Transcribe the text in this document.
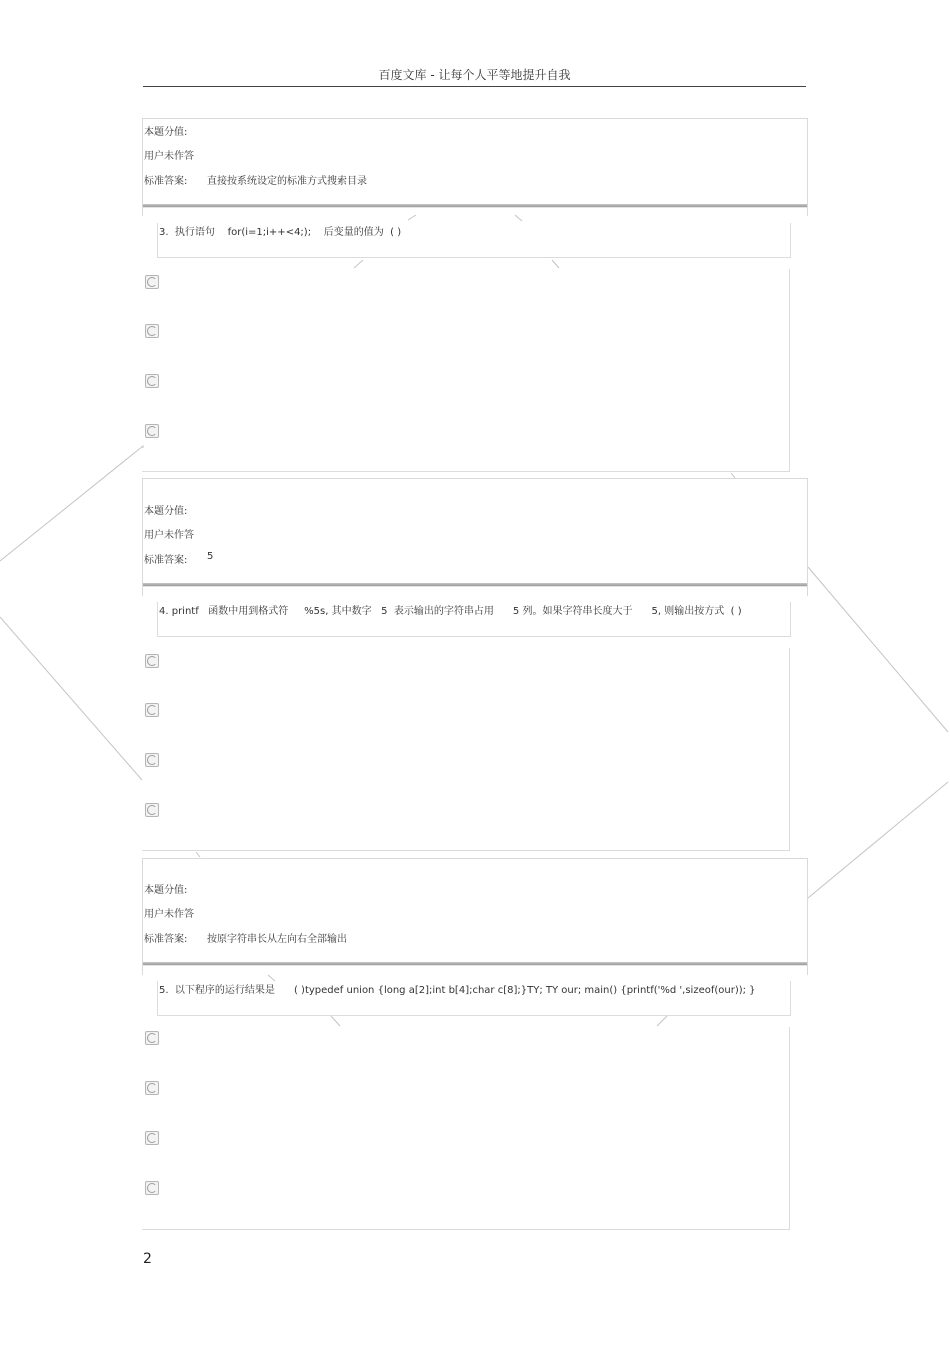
百度文库 - 让每个人平等地提升自我
本题分值:
用户未作答
标准答案: 直接按系统设定的标准方式搜索目录
3.  执行语句    for(i=1;i++<4;);    后变量的值为  ( )
本题分值:
用户未作答
标准答案: 5
4. printf   函数中用到格式符     %5s, 其中数字   5  表示输出的字符串占用      5 列。如果字符串长度大于      5, 则输出按方式  ( )
本题分值:
用户未作答
标准答案: 按原字符串长从左向右全部输出
5.  以下程序的运行结果是      ( )typedef union {long a[2];int b[4];char c[8];}TY; TY our; main() {printf('%d ',sizeof(our)); }
2
